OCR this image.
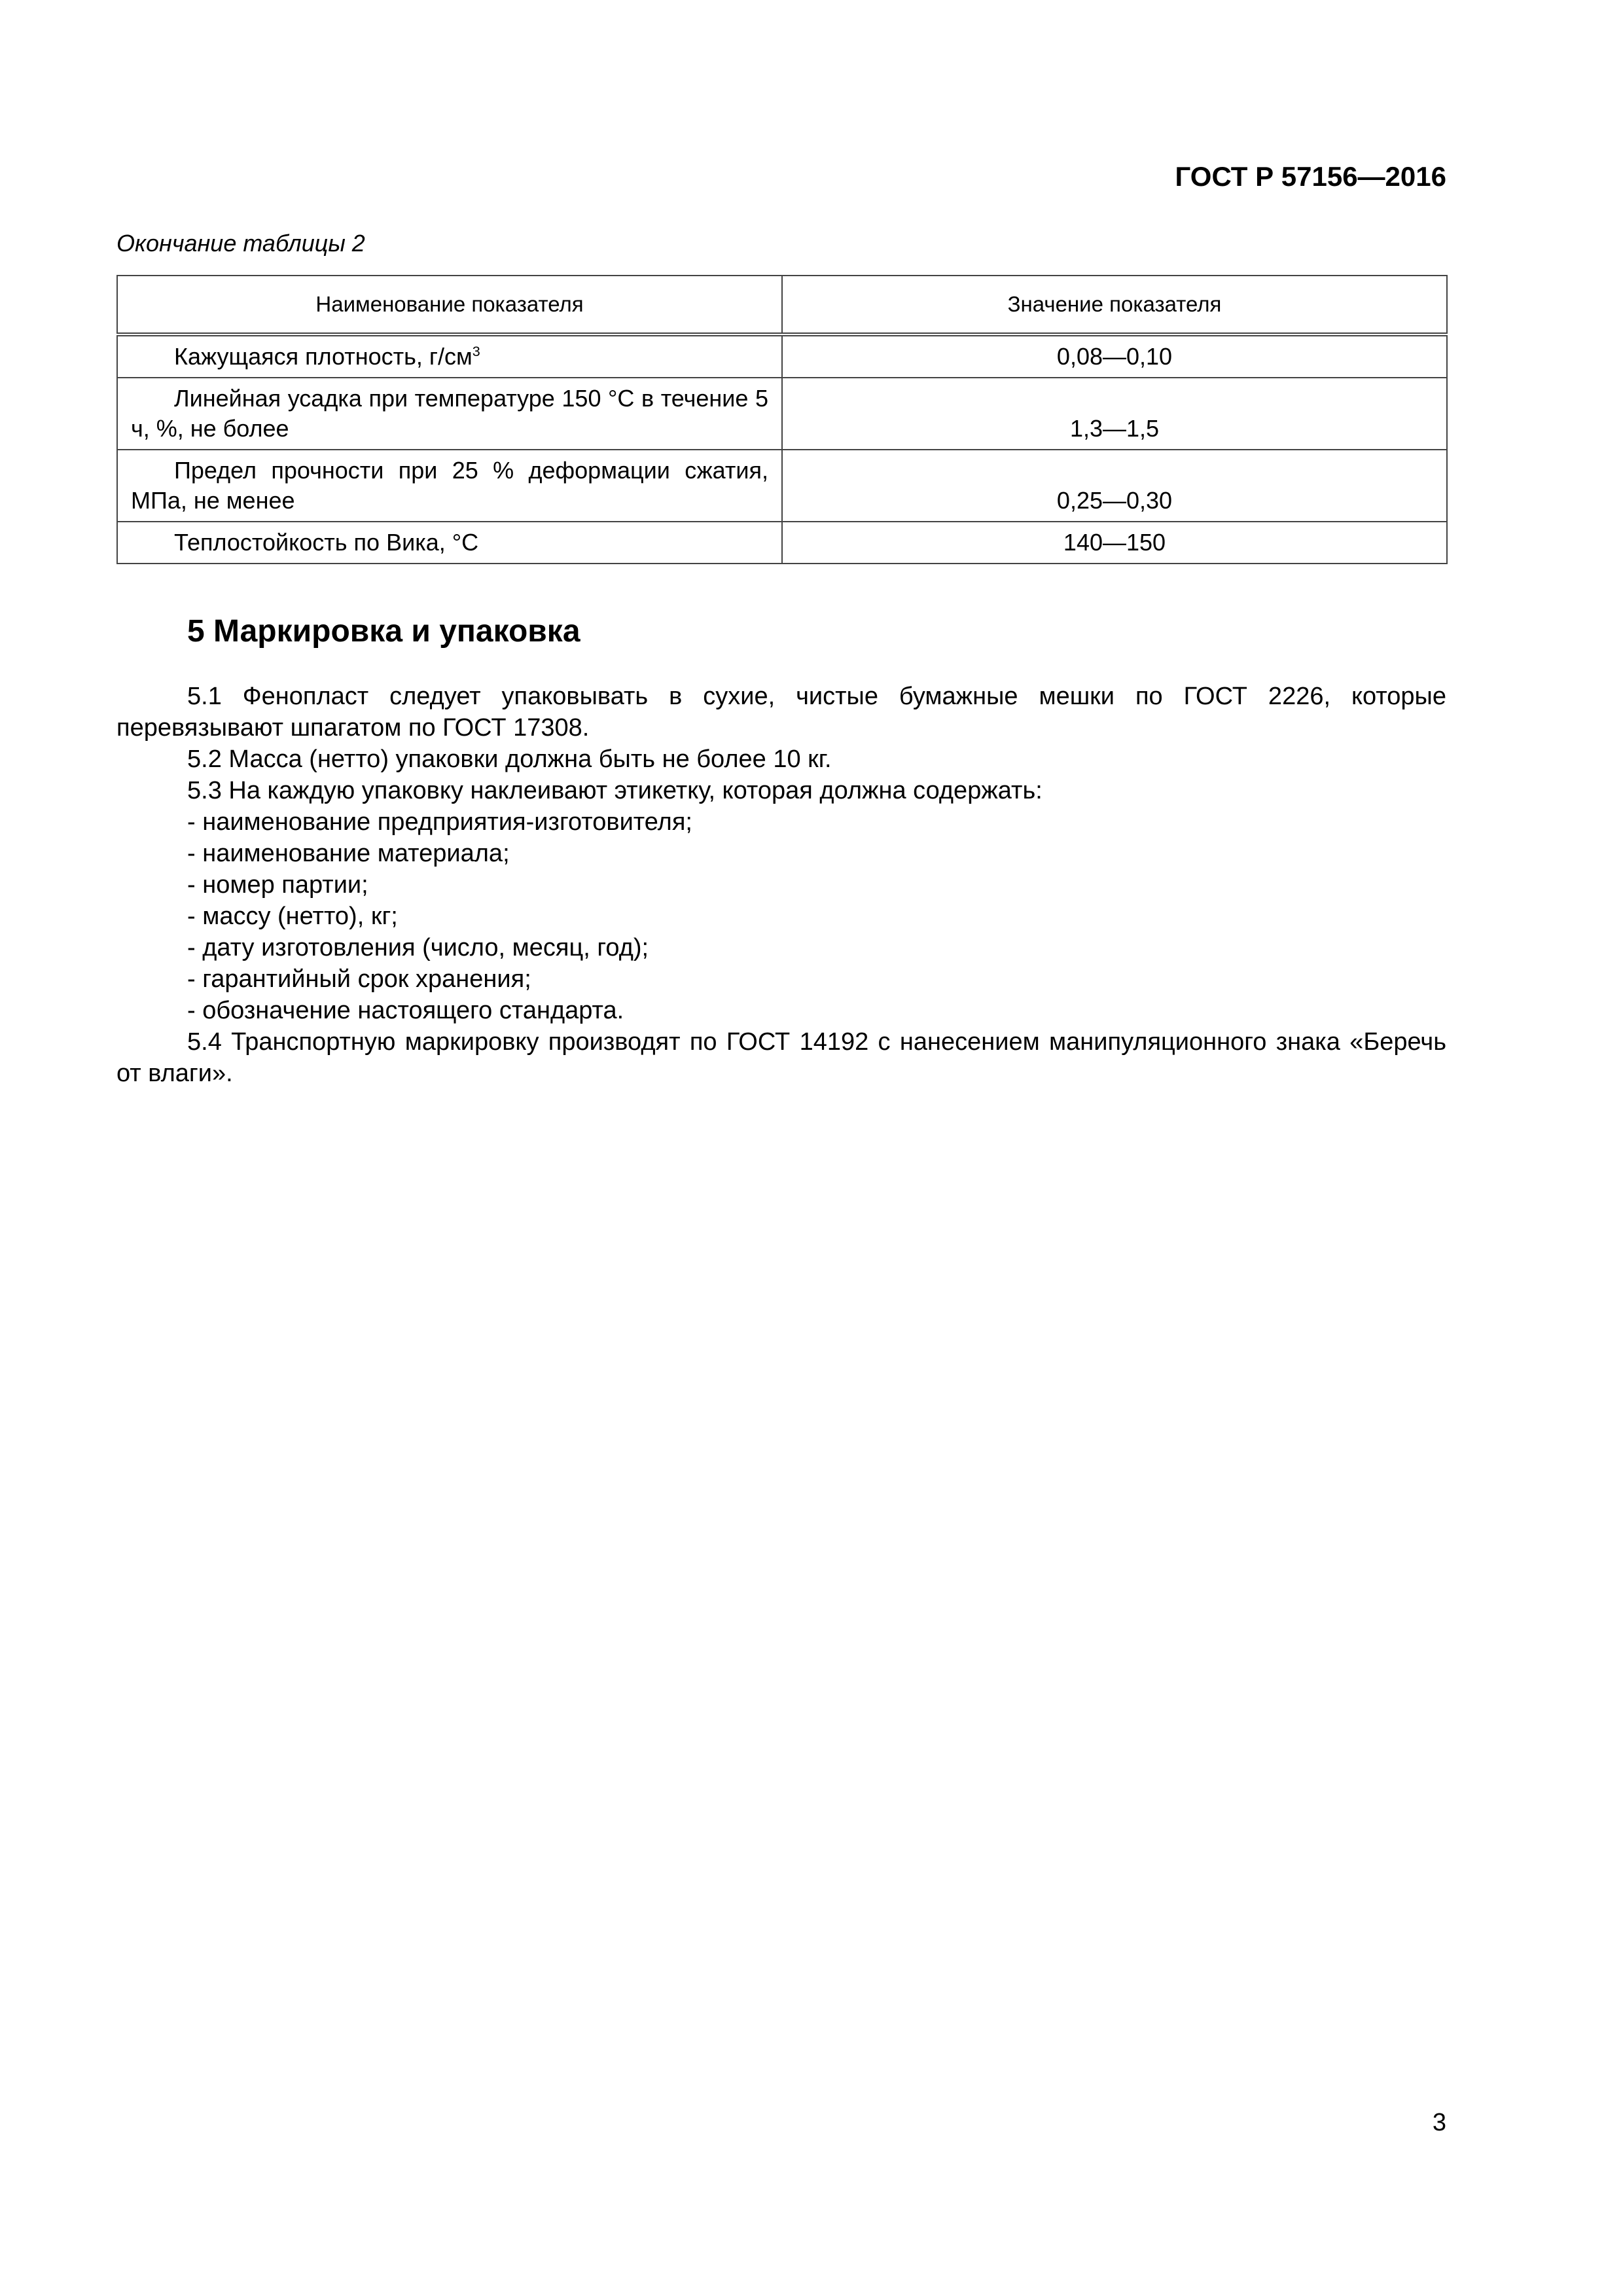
ГОСТ Р 57156—2016
Окончание таблицы 2
Наименование показателя	Значение показателя
Кажущаяся плотность, $г/см^3$	0,08—0,10
Линейная усадка при температуре 150 °С в течение 5 ч, %, не более	1,3—1,5
Предел прочности при 25 % деформации сжатия, МПа, не менее	0,25—0,30
Теплостойкость по Вика, °С	140—150
5 Маркировка и упаковка

5.1 Фенопласт следует упаковывать в сухие, чистые бумажные мешки по ГОСТ 2226, которые перевязывают шпагатом по ГОСТ 17308.

5.2 Масса (нетто) упаковки должна быть не более 10 кг.

5.3 На каждую упаковку наклеивают этикетку, которая должна содержать:

- наименование предприятия-изготовителя;

- наименование материала;

- номер партии;

- массу (нетто), кг;

- дату изготовления (число, месяц, год);

- гарантийный срок хранения;

- обозначение настоящего стандарта.

5.4 Транспортную маркировку производят по ГОСТ 14192 с нанесением манипуляционного знака «Беречь от влаги».

3
